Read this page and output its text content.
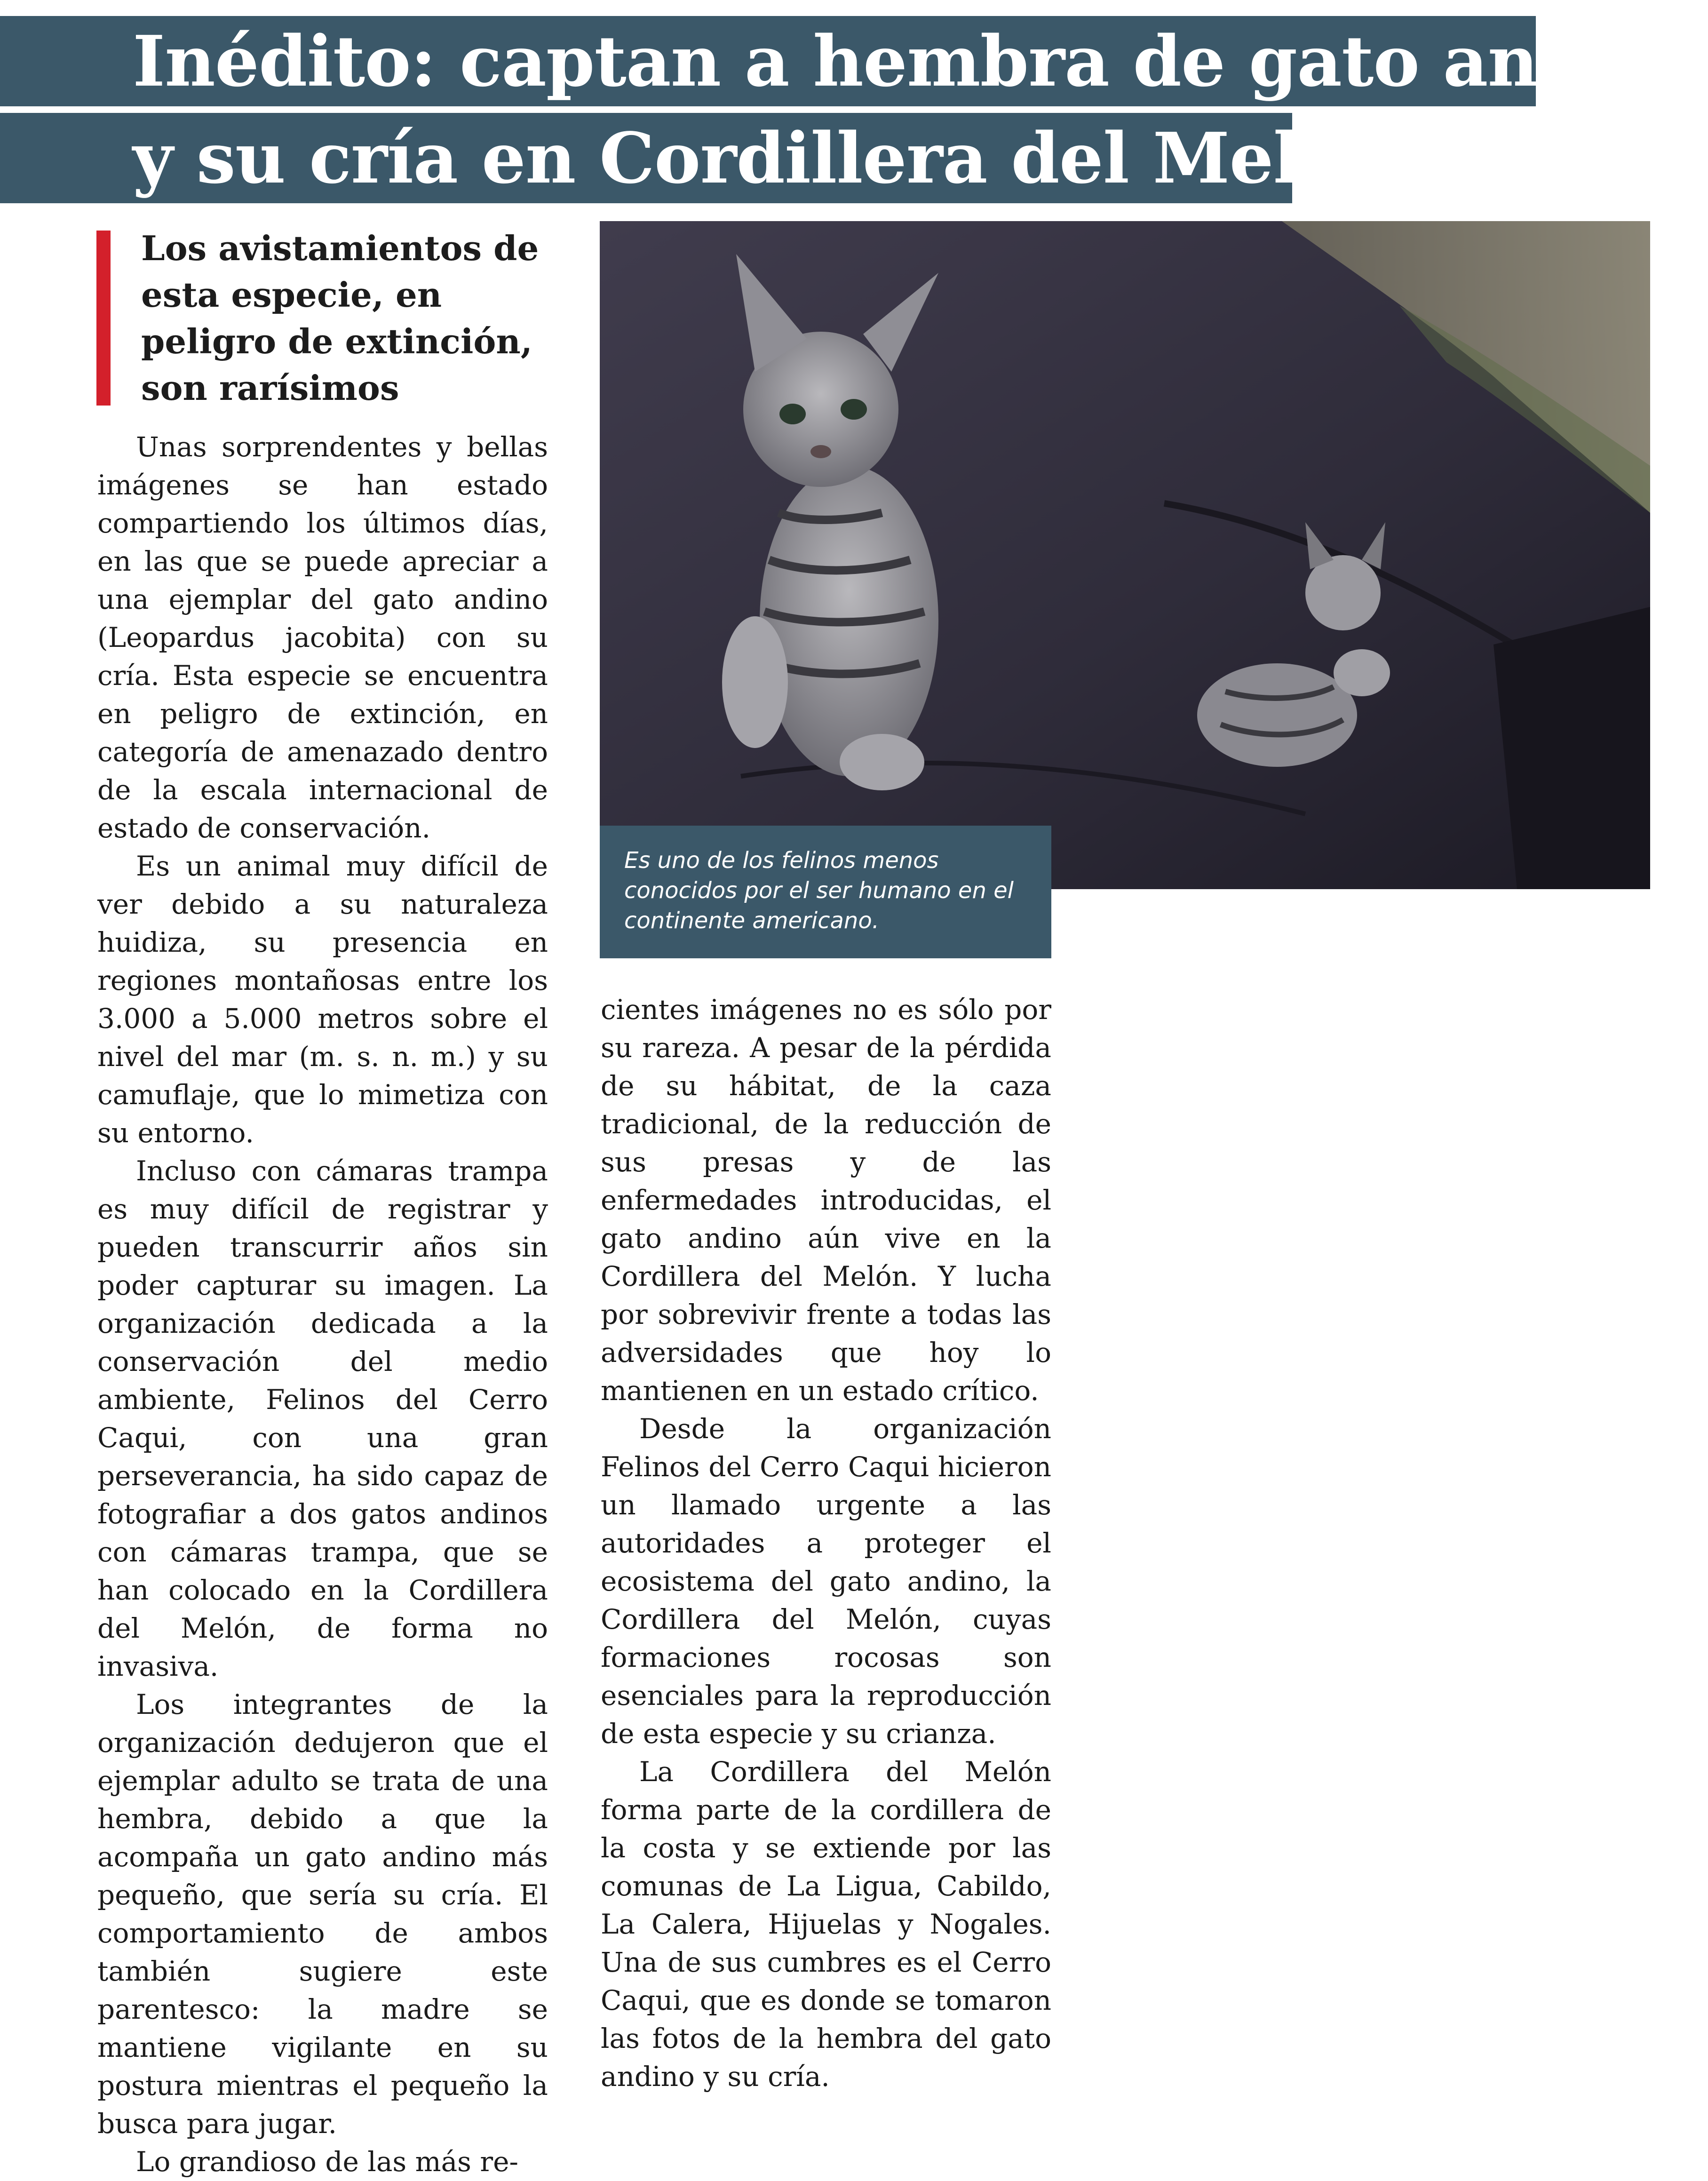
Inédito: captan a hembra de gato andino
y su cría en Cordillera del Melón
Los avistamientos de esta especie, en peligro de extinción, son rarísimos

Unas sorprendentes y bellas imágenes se han estado compartiendo los últimos días, en las que se puede apreciar a una ejemplar del gato andino (Leopardus jacobita) con su cría. Esta especie se encuentra en peligro de extinción, en categoría de amenazado dentro de la escala internacional de estado de conservación.

Es un animal muy difícil de ver debido a su naturaleza huidiza, su presencia en regiones montañosas entre los 3.000 a 5.000 metros sobre el nivel del mar (m. s. n. m.) y su camuflaje, que lo mimetiza con su entorno.

Incluso con cámaras trampa es muy difícil de registrar y pueden transcurrir años sin poder capturar su imagen. La organización dedicada a la conservación del medio ambiente, Felinos del Cerro Caqui, con una gran perseverancia, ha sido capaz de fotografiar a dos gatos andinos con cámaras trampa, que se han colocado en la Cordillera del Melón, de forma no invasiva.

Los integrantes de la organización dedujeron que el ejemplar adulto se trata de una hembra, debido a que la acompaña un gato andino más pequeño, que sería su cría. El comportamiento de ambos también sugiere este parentesco: la madre se mantiene vigilante en su postura mientras el pequeño la busca para jugar.

Lo grandioso de las más re-

Es uno de los felinos menos conocidos por el ser humano en el continente americano.

cientes imágenes no es sólo por su rareza. A pesar de la pérdida de su hábitat, de la caza tradicional, de la reducción de sus presas y de las enfermedades introducidas, el gato andino aún vive en la Cordillera del Melón. Y lucha por sobrevivir frente a todas las adversidades que hoy lo mantienen en un estado crítico.

Desde la organización Felinos del Cerro Caqui hicieron un llamado urgente a las autoridades a proteger el ecosistema del gato andino, la Cordillera del Melón, cuyas formaciones rocosas son esenciales para la reproducción de esta especie y su crianza.

La Cordillera del Melón forma parte de la cordillera de la costa y se extiende por las comunas de La Ligua, Cabildo, La Calera, Hijuelas y Nogales. Una de sus cumbres es el Cerro Caqui, que es donde se tomaron las fotos de la hembra del gato andino y su cría.
